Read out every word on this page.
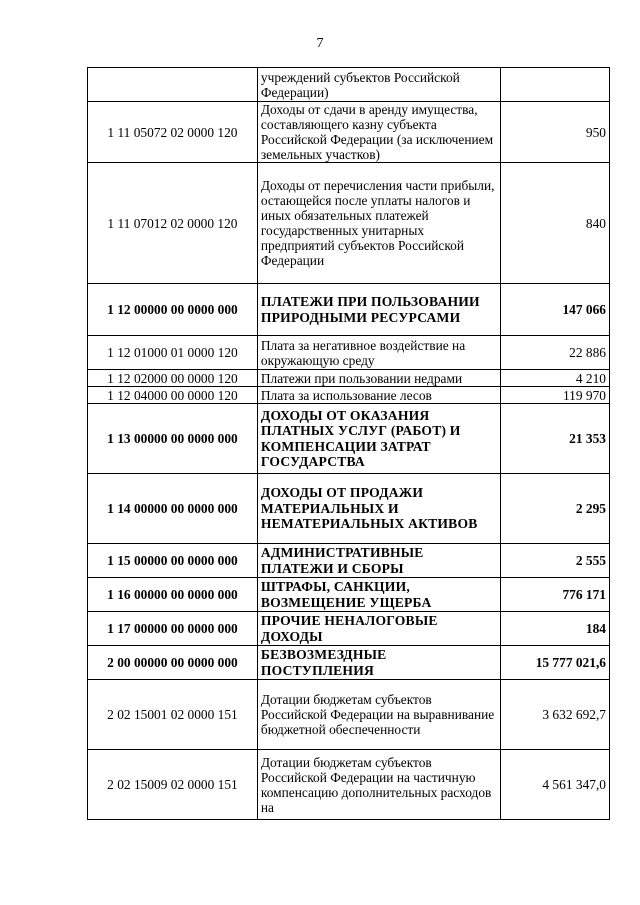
7
	учреждений субъектов Российской Федерации)	
1 11 05072 02 0000 120	Доходы от сдачи в аренду имущества, составляющего казну субъекта Российской Федерации (за исключением земельных участков)	950
1 11 07012 02 0000 120	Доходы от перечисления части прибыли, остающейся после уплаты налогов и иных обязательных платежей государственных унитарных предприятий субъектов Российской Федерации	840
1 12 00000 00 0000 000	ПЛАТЕЖИ ПРИ ПОЛЬЗОВАНИИ ПРИРОДНЫМИ РЕСУРСАМИ	147 066
1 12 01000 01 0000 120	Плата за негативное воздействие на окружающую среду	22 886
1 12 02000 00 0000 120	Платежи при пользовании недрами	4 210
1 12 04000 00 0000 120	Плата за использование лесов	119 970
1 13 00000 00 0000 000	ДОХОДЫ ОТ ОКАЗАНИЯ ПЛАТНЫХ УСЛУГ (РАБОТ) И КОМПЕНСАЦИИ ЗАТРАТ ГОСУДАРСТВА	21 353
1 14 00000 00 0000 000	ДОХОДЫ ОТ ПРОДАЖИ МАТЕРИАЛЬНЫХ И НЕМАТЕРИАЛЬНЫХ АКТИВОВ	2 295
1 15 00000 00 0000 000	АДМИНИСТРАТИВНЫЕ ПЛАТЕЖИ И СБОРЫ	2 555
1 16 00000 00 0000 000	ШТРАФЫ, САНКЦИИ, ВОЗМЕЩЕНИЕ УЩЕРБА	776 171
1 17 00000 00 0000 000	ПРОЧИЕ НЕНАЛОГОВЫЕ ДОХОДЫ	184
2 00 00000 00 0000 000	БЕЗВОЗМЕЗДНЫЕ ПОСТУПЛЕНИЯ	15 777 021,6
2 02 15001 02 0000 151	Дотации бюджетам субъектов Российской Федерации на выравнивание бюджетной обеспеченности	3 632 692,7
2 02 15009 02 0000 151	Дотации бюджетам субъектов Российской Федерации на частичную компенсацию дополнительных расходов на	4 561 347,0
